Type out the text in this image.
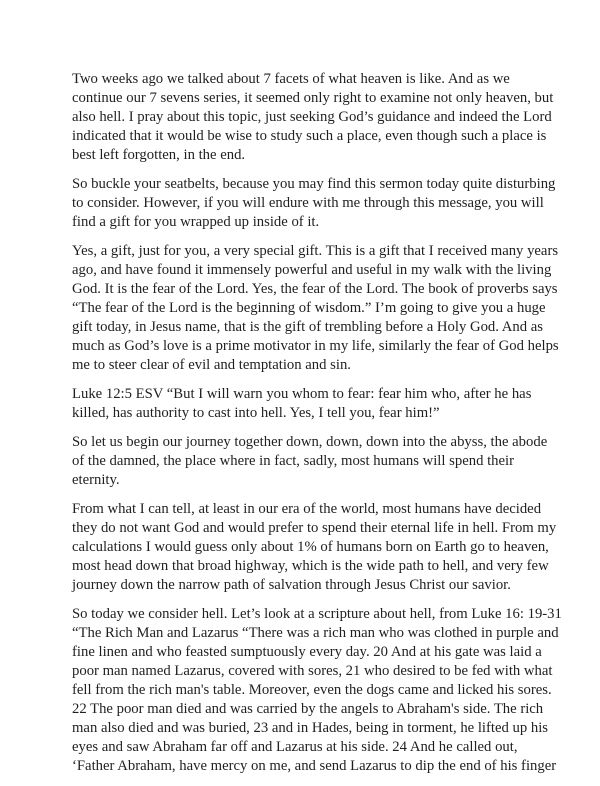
Two weeks ago we talked about 7 facets of what heaven is like. And as we
continue our 7 sevens series, it seemed only right to examine not only heaven, but
also hell. I pray about this topic, just seeking God’s guidance and indeed the Lord
indicated that it would be wise to study such a place, even though such a place is
best left forgotten, in the end.

So buckle your seatbelts, because you may find this sermon today quite disturbing
to consider. However, if you will endure with me through this message, you will
find a gift for you wrapped up inside of it.

Yes, a gift, just for you, a very special gift. This is a gift that I received many years
ago, and have found it immensely powerful and useful in my walk with the living
God. It is the fear of the Lord. Yes, the fear of the Lord. The book of proverbs says
“The fear of the Lord is the beginning of wisdom.” I’m going to give you a huge
gift today, in Jesus name, that is the gift of trembling before a Holy God. And as
much as God’s love is a prime motivator in my life, similarly the fear of God helps
me to steer clear of evil and temptation and sin.

Luke 12:5 ESV “But I will warn you whom to fear: fear him who, after he has
killed, has authority to cast into hell. Yes, I tell you, fear him!”

So let us begin our journey together down, down, down into the abyss, the abode
of the damned, the place where in fact, sadly, most humans will spend their
eternity.

From what I can tell, at least in our era of the world, most humans have decided
they do not want God and would prefer to spend their eternal life in hell. From my
calculations I would guess only about 1% of humans born on Earth go to heaven,
most head down that broad highway, which is the wide path to hell, and very few
journey down the narrow path of salvation through Jesus Christ our savior.

So today we consider hell. Let’s look at a scripture about hell, from Luke 16: 19-31
“The Rich Man and Lazarus “There was a rich man who was clothed in purple and
fine linen and who feasted sumptuously every day. 20 And at his gate was laid a
poor man named Lazarus, covered with sores, 21 who desired to be fed with what
fell from the rich man's table. Moreover, even the dogs came and licked his sores.
22 The poor man died and was carried by the angels to Abraham's side. The rich
man also died and was buried, 23 and in Hades, being in torment, he lifted up his
eyes and saw Abraham far off and Lazarus at his side. 24 And he called out,
‘Father Abraham, have mercy on me, and send Lazarus to dip the end of his finger
